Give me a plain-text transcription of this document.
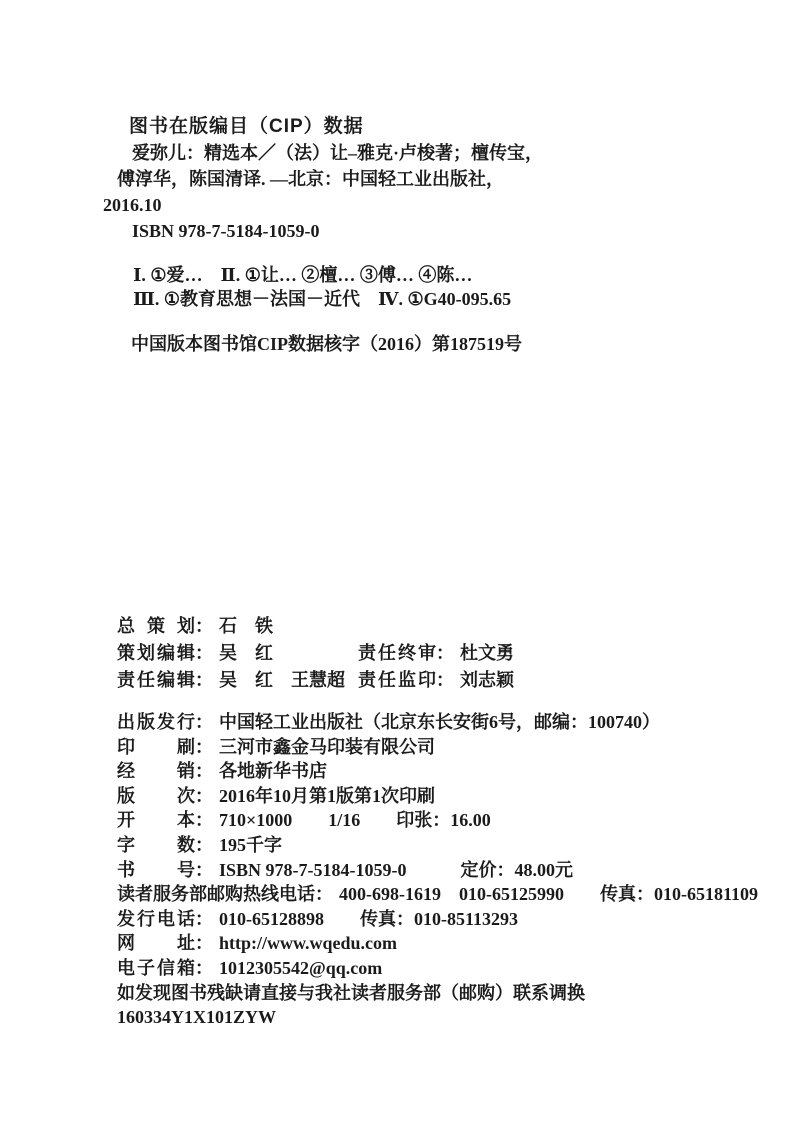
图书在版编目（CIP）数据
爱弥儿：精选本／（法）让–雅克·卢梭著；檀传宝，
傅淳华，陈国清译. —北京：中国轻工业出版社，
2016.10
ISBN 978-7-5184-1059-0
Ⅰ. ①爱…　Ⅱ. ①让… ②檀… ③傅… ④陈…
Ⅲ. ①教育思想－法国－近代　Ⅳ. ①G40-095.65
中国版本图书馆CIP数据核字（2016）第187519号
总策划： 石　铁
策划编辑： 吴　红	责任终审： 杜文勇
责任编辑： 吴　红　王慧超 责任监印： 刘志颖
出版发行： 中国轻工业出版社（北京东长安街6号，邮编：100740）
印刷： 三河市鑫金马印装有限公司
经销： 各地新华书店
版次： 2016年10月第1版第1次印刷
开本： 710×1000　　1/16　　印张：16.00
字数： 195千字
书号： ISBN 978-7-5184-1059-0　　　定价：48.00元
读者服务部邮购热线电话： 400-698-1619　010-65125990　　传真：010-65181109
发行电话： 010-65128898　　传真：010-85113293
网址： http://www.wqedu.com
电子信箱： 1012305542@qq.com
如发现图书残缺请直接与我社读者服务部（邮购）联系调换
160334Y1X101ZYW
